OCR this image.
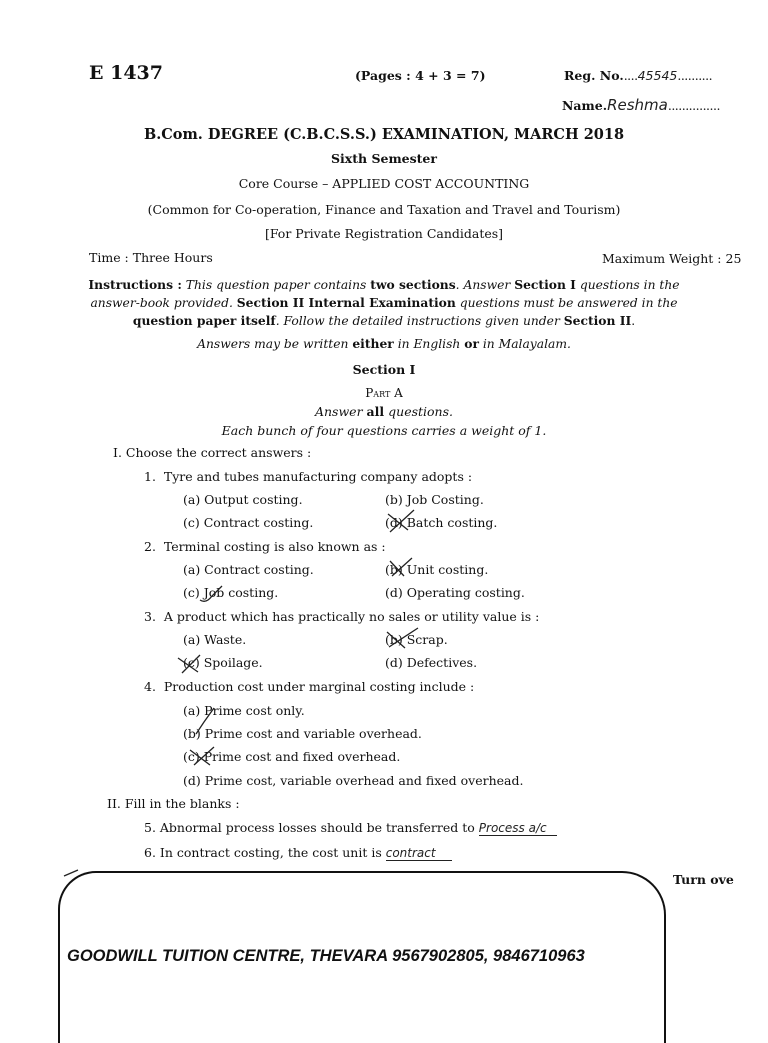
E 1437	(Pages : 4 + 3 = 7)	Reg. No.....45545..........
Name.Reshma...............
B.Com. DEGREE (C.B.C.S.S.) EXAMINATION, MARCH 2018
Sixth Semester
Core Course – APPLIED COST ACCOUNTING
(Common for Co-operation, Finance and Taxation and Travel and Tourism)
[For Private Registration Candidates]
Time : Three Hours	Maximum Weight : 25
Instructions : This question paper contains two sections. Answer Section I questions in the
answer-book provided. Section II Internal Examination questions must be answered in the
question paper itself. Follow the detailed instructions given under Section II.
Answers may be written either in English or in Malayalam.
Section I
Part A
Answer all questions.
Each bunch of four questions carries a weight of 1.
I. Choose the correct answers :
1. Tyre and tubes manufacturing company adopts :
(a) Output costing.	(b) Job Costing.
(c) Contract costing.	(d) Batch costing.
2. Terminal costing is also known as :
(a) Contract costing.	(b) Unit costing.
(c) Job costing.	(d) Operating costing.
3. A product which has practically no sales or utility value is :
(a) Waste.	(b) Scrap.
(c) Spoilage.	(d) Defectives.
4. Production cost under marginal costing include :
(a) Prime cost only.
(b) Prime cost and variable overhead.
(c) Prime cost and fixed overhead.
(d) Prime cost, variable overhead and fixed overhead.
II. Fill in the blanks :
5. Abnormal process losses should be transferred to Process a/c
6. In contract costing, the cost unit is contract
Turn ove
GOODWILL TUITION CENTRE, THEVARA 9567902805, 9846710963
